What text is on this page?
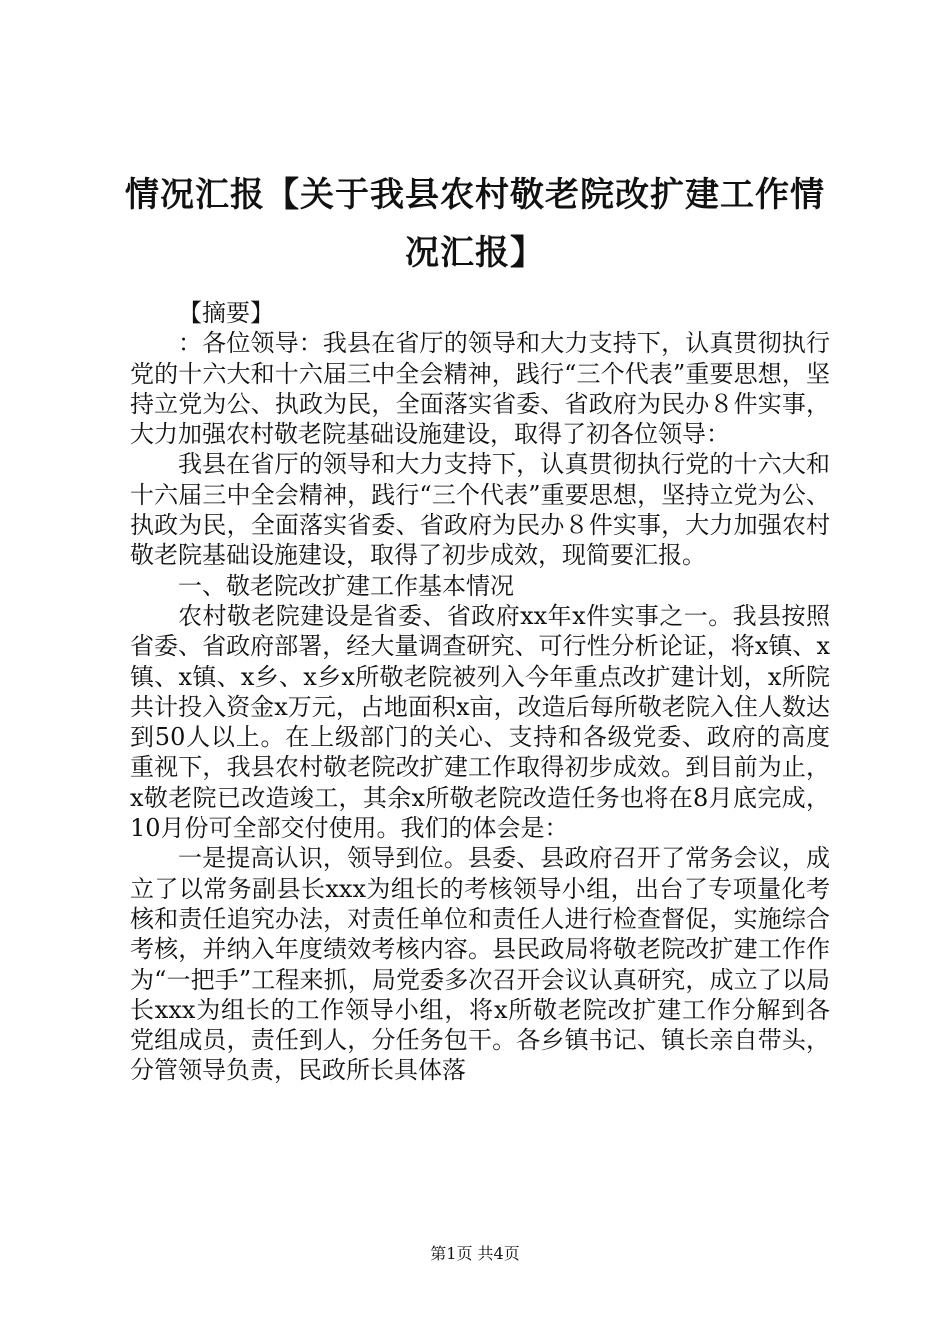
情况汇报【关于我县农村敬老院改扩建工作情况汇报】

【摘要】

：各位领导：我县在省厅的领导和大力支持下，认真贯彻执行党的十六大和十六届三中全会精神，践行“三个代表”重要思想，坚持立党为公、执政为民，全面落实省委、省政府为民办８件实事，大力加强农村敬老院基础设施建设，取得了初各位领导：

我县在省厅的领导和大力支持下，认真贯彻执行党的十六大和十六届三中全会精神，践行“三个代表”重要思想，坚持立党为公、执政为民，全面落实省委、省政府为民办８件实事，大力加强农村敬老院基础设施建设，取得了初步成效，现简要汇报。

一、敬老院改扩建工作基本情况

农村敬老院建设是省委、省政府xx年x件实事之一。我县按照省委、省政府部署，经大量调查研究、可行性分析论证，将x镇、x镇、x镇、x乡、x乡x所敬老院被列入今年重点改扩建计划，x所院共计投入资金x万元，占地面积x亩，改造后每所敬老院入住人数达到50人以上。在上级部门的关心、支持和各级党委、政府的高度重视下，我县农村敬老院改扩建工作取得初步成效。到目前为止，x敬老院已改造竣工，其余x所敬老院改造任务也将在8月底完成，10月份可全部交付使用。我们的体会是：

一是提高认识，领导到位。县委、县政府召开了常务会议，成立了以常务副县长xxx为组长的考核领导小组，出台了专项量化考核和责任追究办法，对责任单位和责任人进行检查督促，实施综合考核，并纳入年度绩效考核内容。县民政局将敬老院改扩建工作作为“一把手”工程来抓，局党委多次召开会议认真研究，成立了以局长xxx为组长的工作领导小组，将x所敬老院改扩建工作分解到各党组成员，责任到人，分任务包干。各乡镇书记、镇长亲自带头，分管领导负责，民政所长具体落

第1页 共4页
